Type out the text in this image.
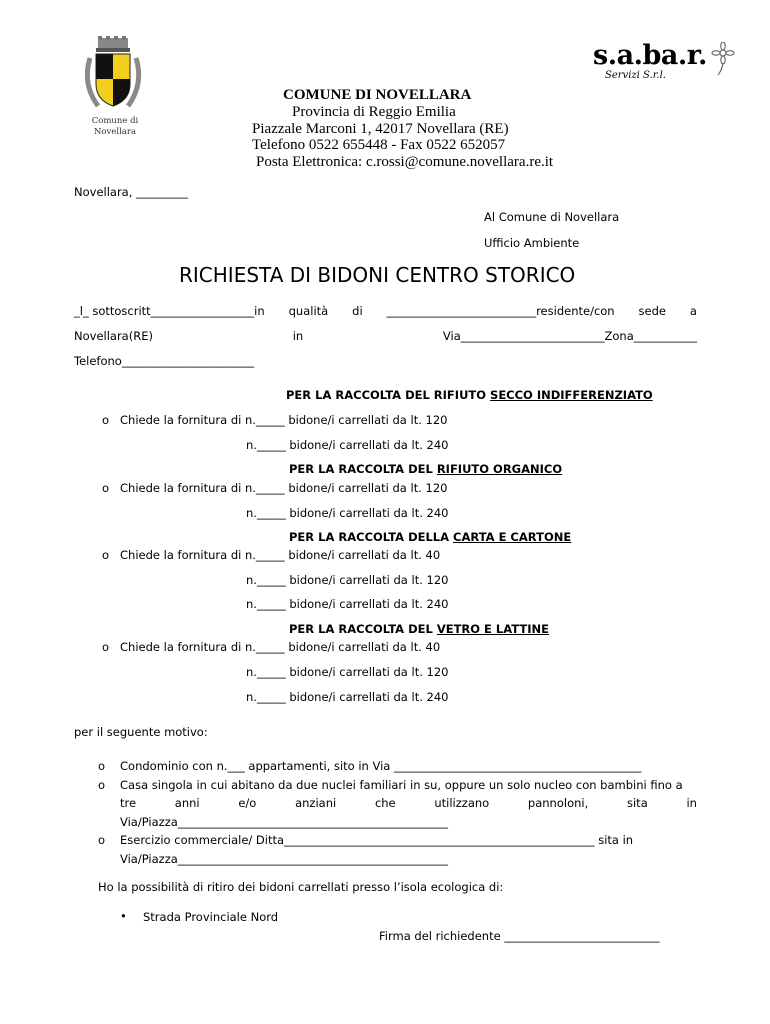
Comune di
Novellara
s.a.ba.r.
Servizi S.r.l.
COMUNE DI NOVELLARA
Provincia di Reggio Emilia
Piazzale Marconi 1, 42017 Novellara (RE)
Telefono 0522 655448 - Fax 0522 652057
Posta Elettronica: c.rossi@comune.novellara.re.it
Novellara, _________
Al Comune di Novellara
Ufficio Ambiente
RICHIESTA DI BIDONI CENTRO STORICO
_l_ sottoscritt__________________in qualità di __________________________residente/con sede a
Novellara(RE)	in	Via_________________________Zona___________
Telefono_______________________
PER LA RACCOLTA DEL RIFIUTO SECCO INDIFFERENZIATO
o Chiede la fornitura di n._____ bidone/i carrellati da lt. 120
n._____ bidone/i carrellati da lt. 240
PER LA RACCOLTA DEL RIFIUTO ORGANICO
o Chiede la fornitura di n._____ bidone/i carrellati da lt. 120
n._____ bidone/i carrellati da lt. 240
PER LA RACCOLTA DELLA CARTA E CARTONE
o Chiede la fornitura di n._____ bidone/i carrellati da lt. 40
n._____ bidone/i carrellati da lt. 120
n._____ bidone/i carrellati da lt. 240
PER LA RACCOLTA DEL VETRO E LATTINE
o Chiede la fornitura di n._____ bidone/i carrellati da lt. 40
n._____ bidone/i carrellati da lt. 120
n._____ bidone/i carrellati da lt. 240
per il seguente motivo:
o Condominio con n.___ appartamenti, sito in Via ___________________________________________
o Casa singola in cui abitano da due nuclei familiari in su, oppure un solo nucleo con bambini fino a
tre	anni	e/o	anziani	che	utilizzano	pannoloni,	sita	in
Via/Piazza_______________________________________________
o Esercizio commerciale/ Ditta______________________________________________________ sita in
Via/Piazza_______________________________________________
Ho la possibilità di ritiro dei bidoni carrellati presso l’isola ecologica di:
• Strada Provinciale Nord
Firma del richiedente ___________________________
